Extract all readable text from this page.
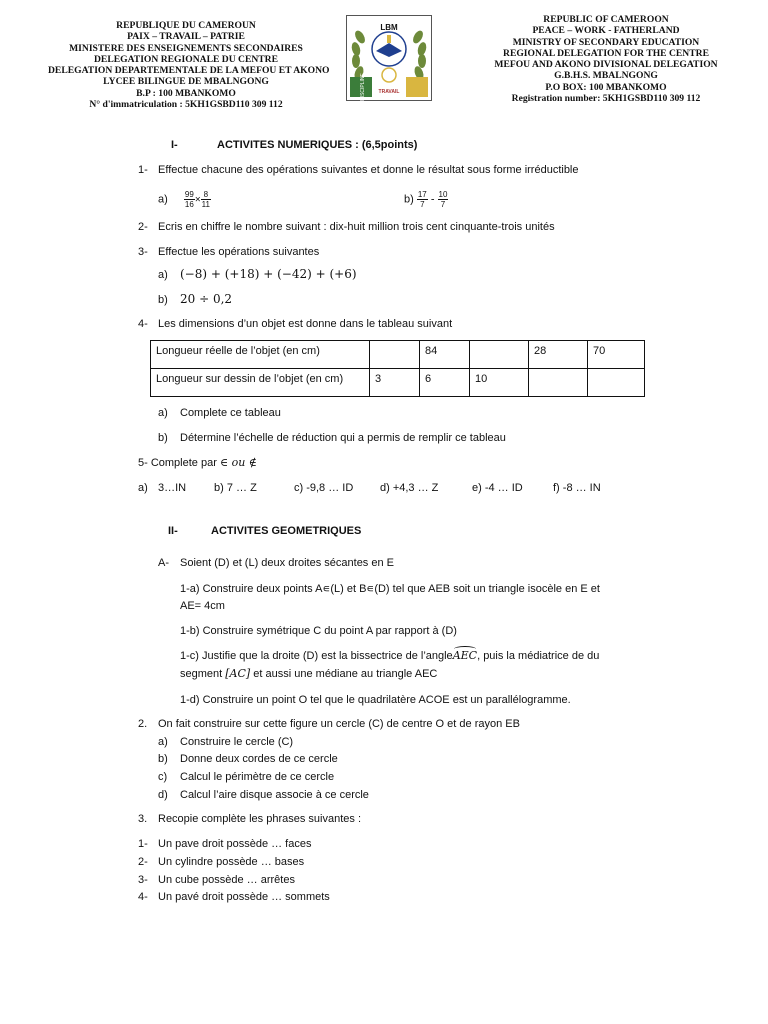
REPUBLIQUE DU CAMEROUN
PAIX – TRAVAIL – PATRIE
MINISTERE DES ENSEIGNEMENTS SECONDAIRES
DELEGATION REGIONALE DU CENTRE
DELEGATION DEPARTEMENTALE DE LA MEFOU ET AKONO
LYCEE BILINGUE DE MBALNGONG
B.P : 100 MBANKOMO
N° d'immatriculation : 5KH1GSBD110 309 112
LBM
DISCIPLINE	TRAVAIL
REPUBLIC OF CAMEROON
PEACE – WORK - FATHERLAND
MINISTRY OF SECONDARY EDUCATION
REGIONAL DELEGATION FOR THE CENTRE
MEFOU AND AKONO DIVISIONAL DELEGATION
G.B.H.S. MBALNGONG
P.O BOX: 100 MBANKOMO
Registration number: 5KH1GSBD110 309 112
I-	ACTIVITES NUMERIQUES : (6,5points)
1- Effectue chacune des opérations suivantes et donne le résultat sous forme irréductible
$a) \frac{99}{16} \times \frac{8}{11}$	$b) \frac{17}{7} - \frac{10}{7}$
2- Ecris en chiffre le nombre suivant : dix-huit million trois cent cinquante-trois unités
3- Effectue les opérations suivantes
a) (−8) + (+18) + (−42) + (+6)
b) 20 ÷ 0,2
4- Les dimensions d’un objet est donne dans le tableau suivant
Longueur réelle de l’objet (en cm)		84		28	70
Longueur sur dessin de l’objet (en cm)	3	6	10		
a) Complete ce tableau
b) Détermine l’échelle de réduction qui a permis de remplir ce tableau
5- Complete par ∈ ou ∉
a) 3…IN	b) 7 … Z	c) -9,8 … ID d) +4,3 … Z	e) -4 … ID	f) -8 … IN
II-	ACTIVITES GEOMETRIQUES
A- Soient (D) et (L) deux droites sécantes en E
1-a) Construire deux points A∊(L) et B∊(D) tel que AEB soit un triangle isocèle en E et
AE= 4cm
1-b) Construire symétrique C du point A par rapport à (D)
1-c) Justifie que la droite (D) est la bissectrice de l’angleAEC, puis la médiatrice de du
segment [AC] et aussi une médiane au triangle AEC
1-d) Construire un point O tel que le quadrilatère ACOE est un parallélogramme.
2. On fait construire sur cette figure un cercle (C) de centre O et de rayon EB
a) Construire le cercle (C)
b) Donne deux cordes de ce cercle
c) Calcul le périmètre de ce cercle
d) Calcul l’aire disque associe à ce cercle
3. Recopie complète les phrases suivantes :
1- Un pave droit possède … faces
2- Un cylindre possède … bases
3- Un cube possède … arrêtes
4- Un pavé droit possède … sommets
